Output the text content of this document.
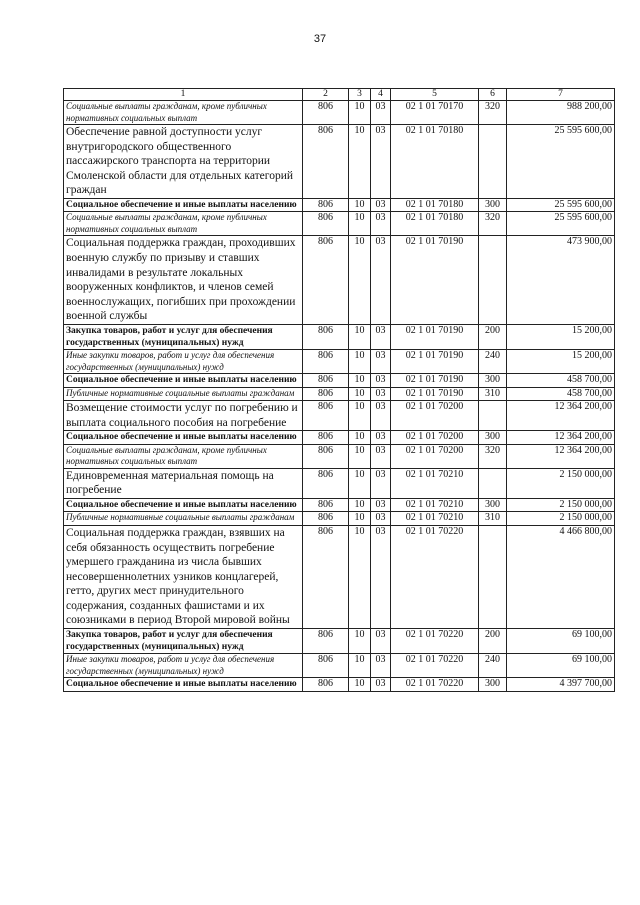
37
1	2	3	4	5	6	7
Социальные выплаты гражданам, кроме публичных нормативных социальных выплат	806	10	03	02 1 01 70170	320	988 200,00
Обеспечение равной доступности услуг внутригородского общественного пассажирского транспорта на территории Смоленской области для отдельных категорий граждан	806	10	03	02 1 01 70180		25 595 600,00
Социальное обеспечение и иные выплаты населению	806	10	03	02 1 01 70180	300	25 595 600,00
Социальные выплаты гражданам, кроме публичных нормативных социальных выплат	806	10	03	02 1 01 70180	320	25 595 600,00
Социальная поддержка граждан, проходивших военную службу по призыву и ставших инвалидами в результате локальных вооруженных конфликтов, и членов семей военнослужащих, погибших при прохождении военной службы	806	10	03	02 1 01 70190		473 900,00
Закупка товаров, работ и услуг для обеспечения государственных (муниципальных) нужд	806	10	03	02 1 01 70190	200	15 200,00
Иные закупки товаров, работ и услуг для обеспечения государственных (муниципальных) нужд	806	10	03	02 1 01 70190	240	15 200,00
Социальное обеспечение и иные выплаты населению	806	10	03	02 1 01 70190	300	458 700,00
Публичные нормативные социальные выплаты гражданам	806	10	03	02 1 01 70190	310	458 700,00
Возмещение стоимости услуг по погребению и выплата социального пособия на погребение	806	10	03	02 1 01 70200		12 364 200,00
Социальное обеспечение и иные выплаты населению	806	10	03	02 1 01 70200	300	12 364 200,00
Социальные выплаты гражданам, кроме публичных нормативных социальных выплат	806	10	03	02 1 01 70200	320	12 364 200,00
Единовременная материальная помощь на погребение	806	10	03	02 1 01 70210		2 150 000,00
Социальное обеспечение и иные выплаты населению	806	10	03	02 1 01 70210	300	2 150 000,00
Публичные нормативные социальные выплаты гражданам	806	10	03	02 1 01 70210	310	2 150 000,00
Социальная поддержка граждан, взявших на себя обязанность осуществить погребение умершего гражданина из числа бывших несовершеннолетних узников концлагерей, гетто, других мест принудительного содержания, созданных фашистами и их союзниками в период Второй мировой войны	806	10	03	02 1 01 70220		4 466 800,00
Закупка товаров, работ и услуг для обеспечения государственных (муниципальных) нужд	806	10	03	02 1 01 70220	200	69 100,00
Иные закупки товаров, работ и услуг для обеспечения государственных (муниципальных) нужд	806	10	03	02 1 01 70220	240	69 100,00
Социальное обеспечение и иные выплаты населению	806	10	03	02 1 01 70220	300	4 397 700,00
